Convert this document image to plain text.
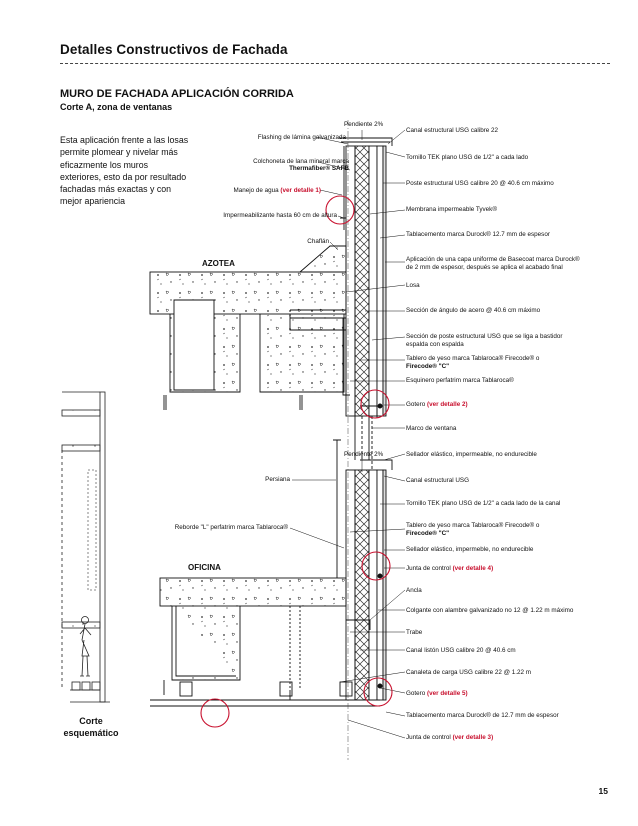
Detalles Constructivos de Fachada
MURO DE FACHADA APLICACIÓN CORRIDA
Corte A, zona de ventanas
Esta aplicación frente a las losas permite plomear y nivelar más eficazmente los muros exteriores, esto da por resultado fachadas más exactas y con mejor apariencia
AZOTEA
OFICINA
Pendiente 2%
Flashing de lámina galvanizada
Colchoneta de lana mineral marca
Thermafiber® SAFB
Manejo de agua (ver detalle 1)
Impermeabilizante hasta 60 cm de altura
Chaflán
Pendiente 2%
Persiana
Reborde "L" perfatrim marca Tablaroca®
Canal estructural USG calibre 22
Tornillo TEK plano USG de 1/2" a cada lado
Poste estructural USG calibre 20 @ 40.6 cm máximo
Membrana impermeable Tyvek®
Tablacemento marca Durock® 12.7 mm de espesor
Aplicación de una capa uniforme de Basecoat marca Durock®
de 2 mm de espesor, después se aplica el acabado final
Losa
Sección de ángulo de acero @ 40.6 cm máximo
Sección de poste estructural USG que se liga a bastidor
espalda con espalda
Tablero de yeso marca Tablaroca® Firecode® o
Firecode® "C"
Esquinero perfatrim marca Tablaroca®
Gotero (ver detalle 2)
Marco de ventana
Sellador elástico, impermeable, no endurecible
Canal estructural USG
Tornillo TEK plano USG de 1/2" a cada lado de la canal
Tablero de yeso marca Tablaroca® Firecode® o
Firecode® "C"
Sellador elástico, impermeble, no endurecible
Junta de control (ver detalle 4)
Ancla
Colgante con alambre galvanizado no 12 @ 1.22 m máximo
Trabe
Canal listón USG calibre 20 @ 40.6 cm
Canaleta de carga USG calibre 22 @ 1.22 m
Gotero (ver detalle 5)
Tablacemento marca Durock® de 12.7 mm de espesor
Junta de control (ver detalle 3)
Corte
esquemático
15
